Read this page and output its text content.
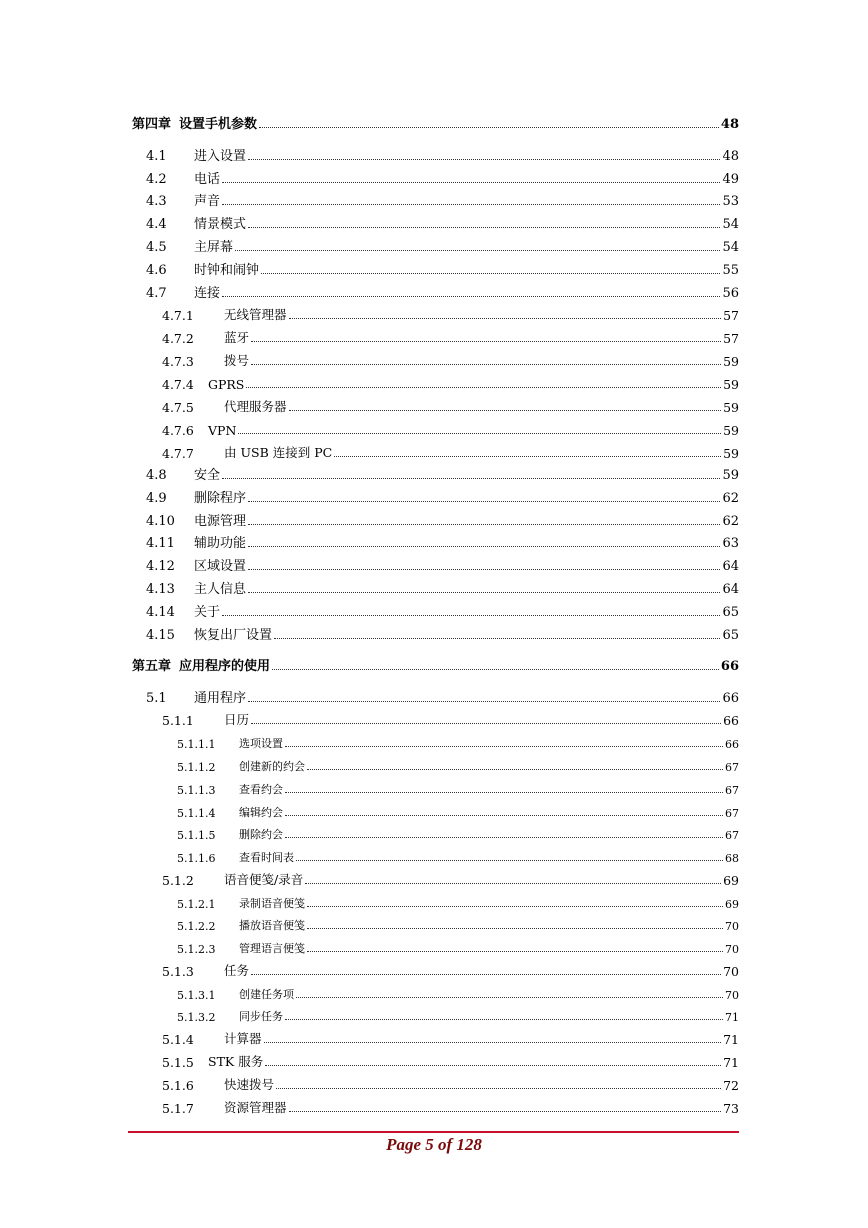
第四章 设置手机参数	48
4.1	进入设置	48
4.2	电话	49
4.3	声音	53
4.4	情景模式	54
4.5	主屏幕	54
4.6	时钟和闹钟	55
4.7	连接	56
4.7.1	无线管理器	57
4.7.2	蓝牙	57
4.7.3	拨号	59
4.7.4	GPRS	59
4.7.5	代理服务器	59
4.7.6	VPN	59
4.7.7	由 USB 连接到 PC	59
4.8	安全	59
4.9	删除程序	62
4.10	电源管理	62
4.11	辅助功能	63
4.12	区域设置	64
4.13	主人信息	64
4.14	关于	65
4.15	恢复出厂设置	65
第五章 应用程序的使用	66
5.1	通用程序	66
5.1.1	日历	66
5.1.1.1	选项设置	66
5.1.1.2	创建新的约会	67
5.1.1.3	查看约会	67
5.1.1.4	编辑约会	67
5.1.1.5	删除约会	67
5.1.1.6	查看时间表	68
5.1.2	语音便笺/录音	69
5.1.2.1	录制语音便笺	69
5.1.2.2	播放语音便笺	70
5.1.2.3	管理语言便笺	70
5.1.3	任务	70
5.1.3.1	创建任务项	70
5.1.3.2	同步任务	71
5.1.4	计算器	71
5.1.5	STK 服务	71
5.1.6	快速拨号	72
5.1.7	资源管理器	73
Page 5 of 128
